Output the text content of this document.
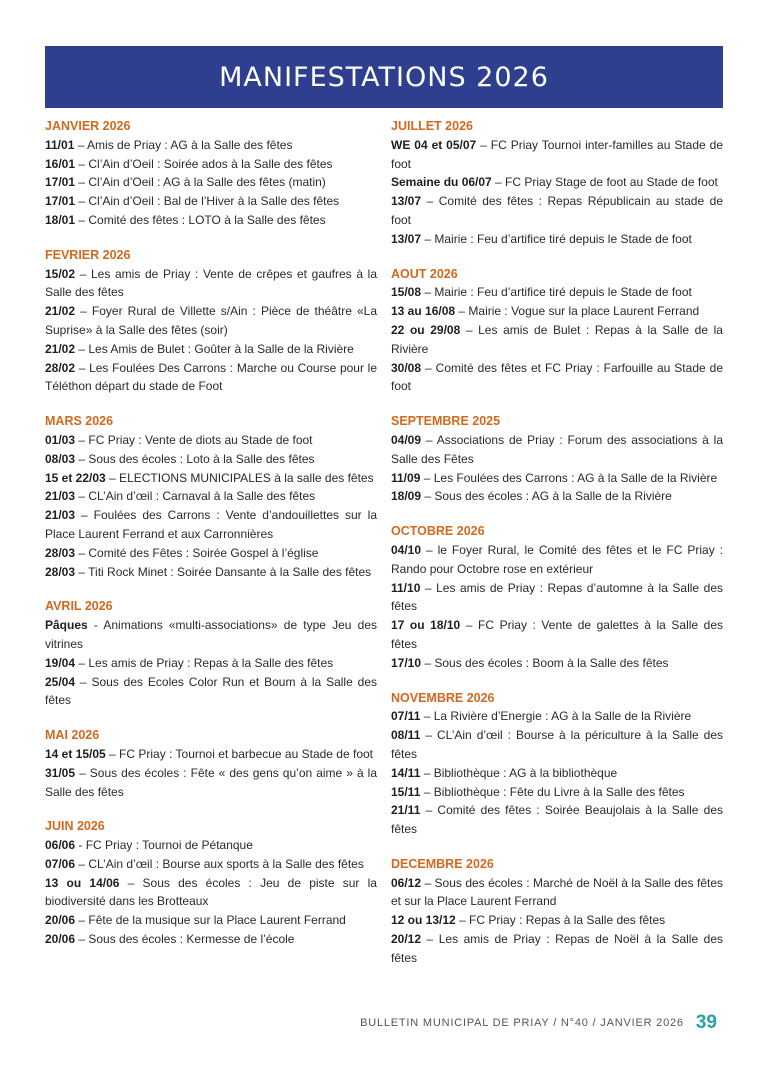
MANIFESTATIONS 2026
JANVIER 2026
11/01 – Amis de Priay : AG à la Salle des fêtes
16/01 – Cl’Ain d’Oeil : Soirée ados à la Salle des fêtes
17/01 – Cl’Ain d’Oeil : AG à la Salle des fêtes (matin)
17/01 – Cl’Ain d’Oeil : Bal de l’Hiver à la Salle des fêtes
18/01 – Comité des fêtes : LOTO à la Salle des fêtes
FEVRIER 2026
15/02 – Les amis de Priay : Vente de crêpes et gaufres à la Salle des fêtes
21/02 – Foyer Rural de Villette s/Ain : Pièce de théâtre «La Suprise» à la Salle des fêtes (soir)
21/02 – Les Amis de Bulet : Goûter à la Salle de la Rivière
28/02 – Les Foulées Des Carrons : Marche ou Course pour le Téléthon départ du stade de Foot
MARS 2026
01/03 – FC Priay : Vente de diots au Stade de foot
08/03 – Sous des écoles : Loto à la Salle des fêtes
15 et 22/03 – ELECTIONS MUNICIPALES à la salle des fêtes
21/03 – CL’Ain d’œil : Carnaval à la Salle des fêtes
21/03 – Foulées des Carrons : Vente d’andouillettes sur la Place Laurent Ferrand et aux Carronnières
28/03 – Comité des Fêtes : Soirée Gospel à l’église
28/03 – Titi Rock Minet : Soirée Dansante à la Salle des fêtes
AVRIL 2026
Pâques - Animations «multi-associations» de type Jeu des vitrines
19/04 – Les amis de Priay : Repas à la Salle des fêtes
25/04 – Sous des Ecoles Color Run et Boum à la Salle des fêtes
MAI 2026
14 et 15/05 – FC Priay : Tournoi et barbecue au Stade de foot
31/05 – Sous des écoles : Fête « des gens qu’on aime » à la Salle des fêtes
JUIN 2026
06/06 - FC Priay : Tournoi de Pétanque
07/06 – CL’Ain d’œil : Bourse aux sports à la Salle des fêtes
13 ou 14/06 – Sous des écoles : Jeu de piste sur la biodiversité dans les Brotteaux
20/06 – Fête de la musique sur la Place Laurent Ferrand
20/06 – Sous des écoles : Kermesse de l’école
JUILLET 2026
WE 04 et 05/07 – FC Priay Tournoi inter-familles au Stade de foot
Semaine du 06/07 – FC Priay Stage de foot au Stade de foot
13/07 – Comité des fêtes : Repas Républicain au stade de foot
13/07 – Mairie : Feu d’artifice tiré depuis le Stade de foot
AOUT 2026
15/08 – Mairie : Feu d’artifice tiré depuis le Stade de foot
13 au 16/08 – Mairie : Vogue sur la place Laurent Ferrand
22 ou 29/08 – Les amis de Bulet : Repas à la Salle de la Rivière
30/08 – Comité des fêtes et FC Priay : Farfouille au Stade de foot
SEPTEMBRE 2025
04/09 – Associations de Priay : Forum des associations à la Salle des Fêtes
11/09 – Les Foulées des Carrons : AG à la Salle de la Rivière
18/09 – Sous des écoles : AG à la Salle de la Rivière
OCTOBRE 2026
04/10 – le Foyer Rural, le Comité des fêtes et le FC Priay : Rando pour Octobre rose en extérieur
11/10 – Les amis de Priay : Repas d’automne à la Salle des fêtes
17 ou 18/10 – FC Priay : Vente de galettes à la Salle des fêtes
17/10 – Sous des écoles : Boom à la Salle des fêtes
NOVEMBRE 2026
07/11 – La Rivière d’Energie : AG à la Salle de la Rivière
08/11 – CL’Ain d’œil : Bourse à la périculture à la Salle des fêtes
14/11 – Bibliothèque : AG à la bibliothèque
15/11 – Bibliothèque : Fête du Livre à la Salle des fêtes
21/11 – Comité des fêtes : Soirée Beaujolais à la Salle des fêtes
DECEMBRE 2026
06/12 – Sous des écoles : Marché de Noël à la Salle des fêtes et sur la Place Laurent Ferrand
12 ou 13/12 – FC Priay : Repas à la Salle des fêtes
20/12 – Les amis de Priay : Repas de Noël à la Salle des fêtes
BULLETIN MUNICIPAL DE PRIAY / N°40 / JANVIER 2026 39
